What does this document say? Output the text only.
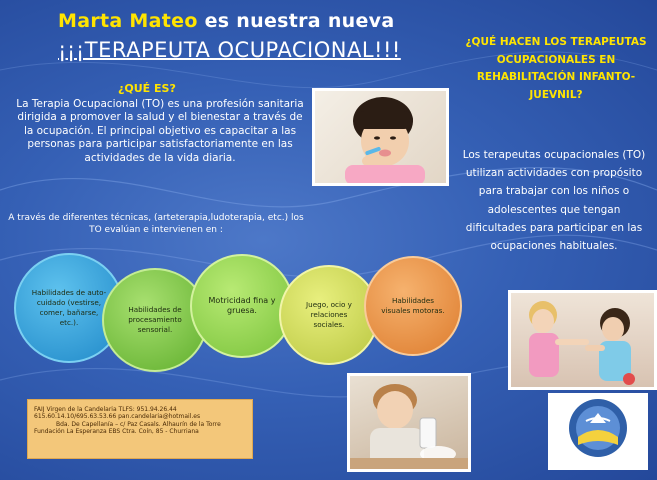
Marta Mateo es nuestra nueva
¡¡¡TERAPEUTA OCUPACIONAL!!!
¿QUÉ ES?
La Terapia Ocupacional (TO) es una profesión sanitaria dirigida a promover la salud y el bienestar a través de la ocupación. El principal objetivo es capacitar a las personas para participar satisfactoriamente en las actividades de la vida diaria.
A través de diferentes técnicas, (arteterapia,ludoterapia, etc.) los TO evalúan e intervienen en :
Habilidades de auto-cuidado (vestirse, comer, bañarse, etc.).
Habilidades de procesamiento sensorial.
Motricidad fina y gruesa.
Juego, ocio y relaciones sociales.
Habilidades visuales motoras.
FAIJ Virgen de la Candelaria TLFS: 951.94.26.44
615.60.14.10/695.63.53.66 pan.candelaria@hotmail.es
Bda. De Capellanía – c/ Paz Casals. Alhaurín de la Torre
Fundación La Esperanza EBS Ctra. Coín, 85 - Churriana
¿QUÉ HACEN LOS TERAPEUTAS OCUPACIONALES EN REHABILITACIÓN INFANTO-JUEVNIL?
Los terapeutas ocupacionales (TO) utilizan actividades con propósito para trabajar con los niños o adolescentes que tengan dificultades para participar en las ocupaciones habituales.
